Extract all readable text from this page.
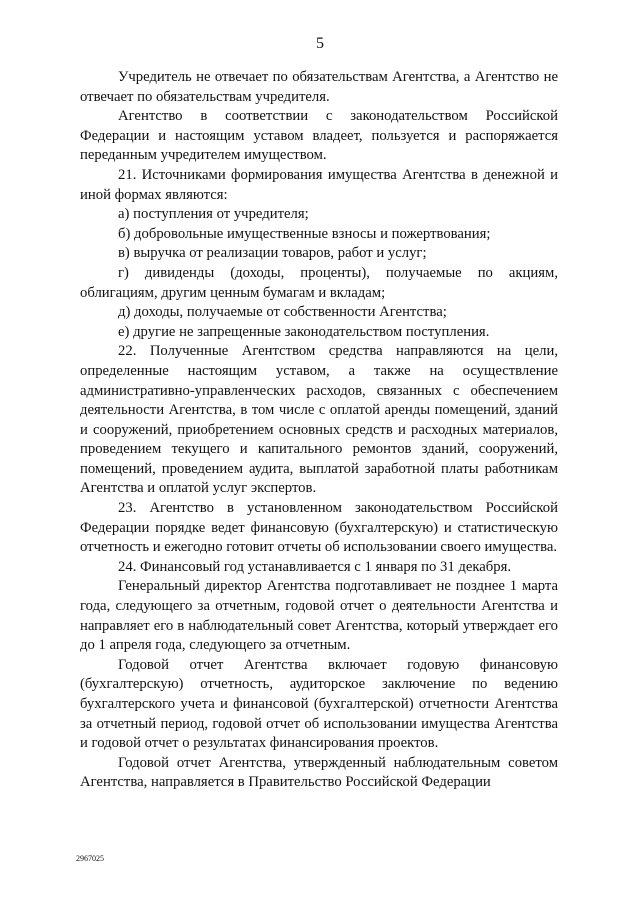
5

Учредитель не отвечает по обязательствам Агентства, а Агентство не отвечает по обязательствам учредителя.

Агентство в соответствии с законодательством Российской Федерации и настоящим уставом владеет, пользуется и распоряжается переданным учредителем имуществом.

21. Источниками формирования имущества Агентства в денежной и иной формах являются:

а) поступления от учредителя;

б) добровольные имущественные взносы и пожертвования;

в) выручка от реализации товаров, работ и услуг;

г) дивиденды (доходы, проценты), получаемые по акциям, облигациям, другим ценным бумагам и вкладам;

д) доходы, получаемые от собственности Агентства;

е) другие не запрещенные законодательством поступления.

22. Полученные Агентством средства направляются на цели, определенные настоящим уставом, а также на осуществление административно-управленческих расходов, связанных с обеспечением деятельности Агентства, в том числе с оплатой аренды помещений, зданий и сооружений, приобретением основных средств и расходных материалов, проведением текущего и капитального ремонтов зданий, сооружений, помещений, проведением аудита, выплатой заработной платы работникам Агентства и оплатой услуг экспертов.

23. Агентство в установленном законодательством Российской Федерации порядке ведет финансовую (бухгалтерскую) и статистическую отчетность и ежегодно готовит отчеты об использовании своего имущества.

24. Финансовый год устанавливается с 1 января по 31 декабря.

Генеральный директор Агентства подготавливает не позднее 1 марта года, следующего за отчетным, годовой отчет о деятельности Агентства и направляет его в наблюдательный совет Агентства, который утверждает его до 1 апреля года, следующего за отчетным.

Годовой отчет Агентства включает годовую финансовую (бухгалтерскую) отчетность, аудиторское заключение по ведению бухгалтерского учета и финансовой (бухгалтерской) отчетности Агентства за отчетный период, годовой отчет об использовании имущества Агентства и годовой отчет о результатах финансирования проектов.

Годовой отчет Агентства, утвержденный наблюдательным советом Агентства, направляется в Правительство Российской Федерации

2967025
